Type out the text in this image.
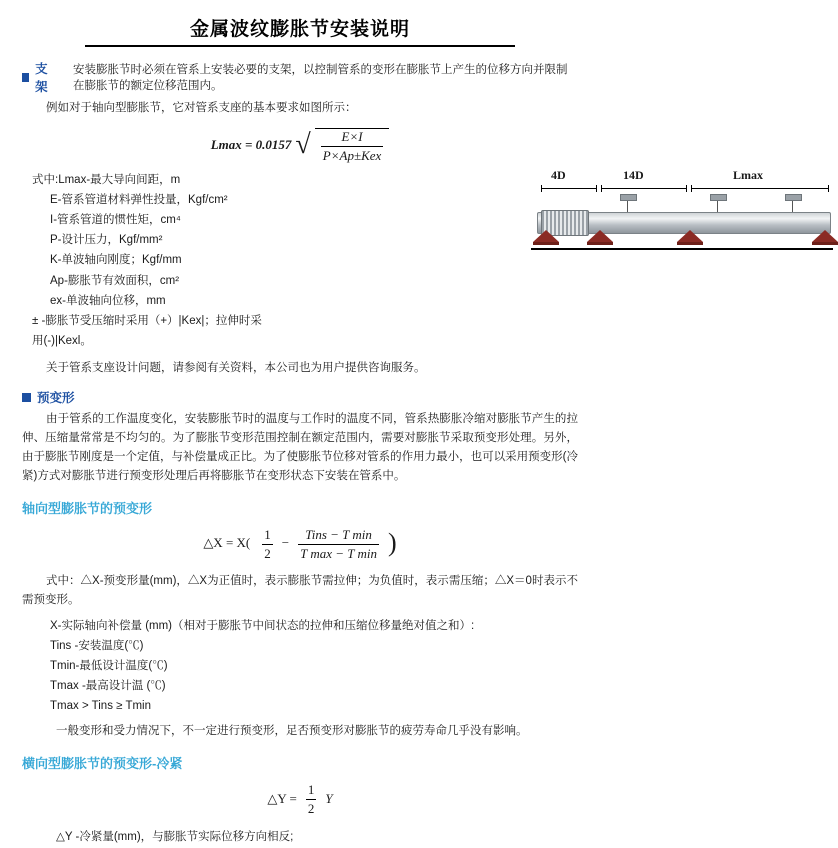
金属波纹膨胀节安装说明
支架
安装膨胀节时必须在管系上安装必要的支架，以控制管系的变形在膨胀节上产生的位移方向并限制在膨胀节的额定位移范围内。

例如对于轴向型膨胀节，它对管系支座的基本要求如图所示：

Lmax = 0.0157 √ $\frac{E\times I}{\text{P×Ap±Kex}}$
式中:Lmax-最大导向间距，m
E-管系管道材料弹性投量，Kgf/cm²
I-管系管道的惯性矩，cm⁴
P-设计压力，Kgf/mm²
K-单波轴向刚度；Kgf/mm
Ap-膨胀节有效面积，cm²
ex-单波轴向位移，mm
± -膨胀节受压缩时采用（+）|Kex|；拉伸时采用(-)|Kexl。
4D	14D	Lmax

关于管系支座设计问题，请参阅有关资料，本公司也为用户提供咨询服务。

预变形

由于管系的工作温度变化，安装膨胀节时的温度与工作时的温度不同，管系热膨胀冷缩对膨胀节产生的拉伸、压缩量常常是不均匀的。为了膨胀节变形范围控制在额定范围内，需要对膨胀节采取预变形处理。另外，由于膨胀节刚度是一个定值，与补偿量成正比。为了使膨胀节位移对管系的作用力最小，也可以采用预变形(冷紧)方式对膨胀节进行预变形处理后再将膨胀节在变形状态下安装在管系中。

轴向型膨胀节的预变形
△X = $X( \frac{1}{2} - \frac{\text{Tins − T min}}{\text{T max − T min}}$ )

式中：△X-预变形量(mm)，△X为正值时，表示膨胀节需拉伸；为负值时，表示需压缩；△X＝0时表示不需预变形。

X-实际轴向补偿量 (mm)（相对于膨胀节中间状态的拉伸和压缩位移量绝对值之和）:
Tins -安装温度(℃)
Tmin-最低设计温度(℃)
Tmax -最高设计温 (℃)
Tmax > Tins ≥ Tmin

一般变形和受力情况下，不一定进行预变形，足否预变形对膨胀节的疲劳寿命几乎没有影响。

横向型膨胀节的预变形-冷紧
△Y = $\frac{1}{2}$ Y

△Y -冷紧量(mm)，与膨胀节实际位移方向相反;
